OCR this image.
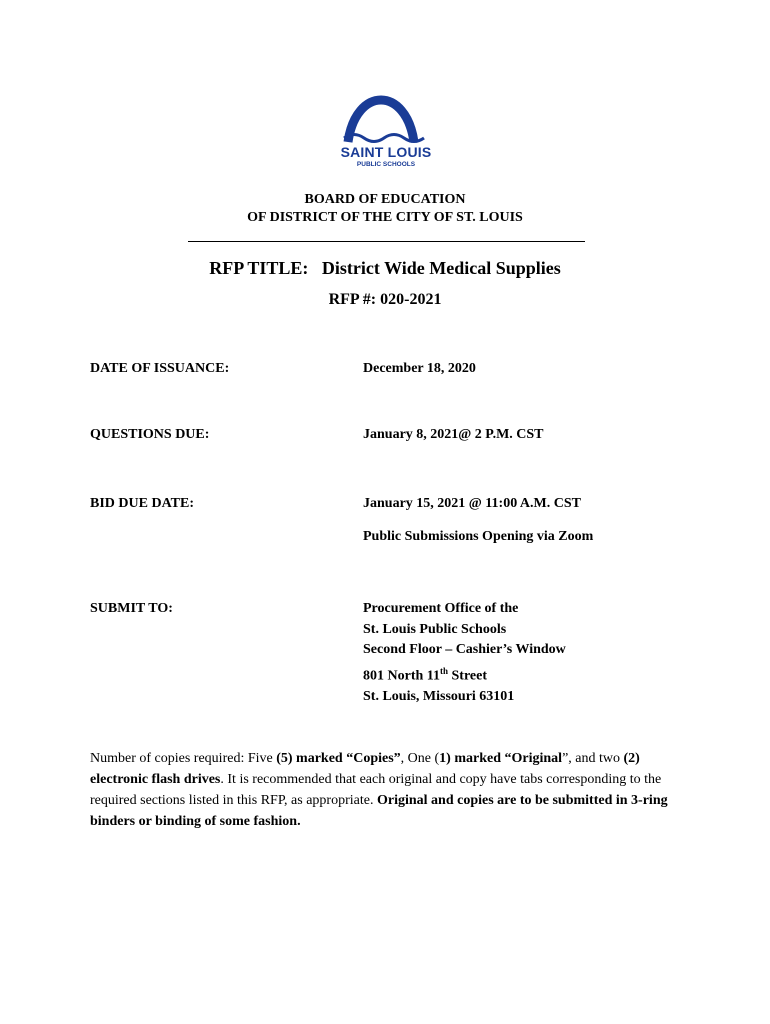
SAINT LOUIS
PUBLIC SCHOOLS
BOARD OF EDUCATION
OF DISTRICT OF THE CITY OF ST. LOUIS
RFP TITLE: District Wide Medical Supplies
RFP #: 020-2021
DATE OF ISSUANCE:	December 18, 2020
QUESTIONS DUE:	January 8, 2021@ 2 P.M. CST
BID DUE DATE:	January 15, 2021 @ 11:00 A.M. CST
Public Submissions Opening via Zoom
SUBMIT TO:	Procurement Office of the
St. Louis Public Schools
Second Floor – Cashier’s Window
801 North 11th Street
St. Louis, Missouri 63101
Number of copies required: Five (5) marked “Copies”, One (1) marked “Original”, and two (2) electronic flash drives. It is recommended that each original and copy have tabs corresponding to the required sections listed in this RFP, as appropriate. Original and copies are to be submitted in 3-ring binders or binding of some fashion.
